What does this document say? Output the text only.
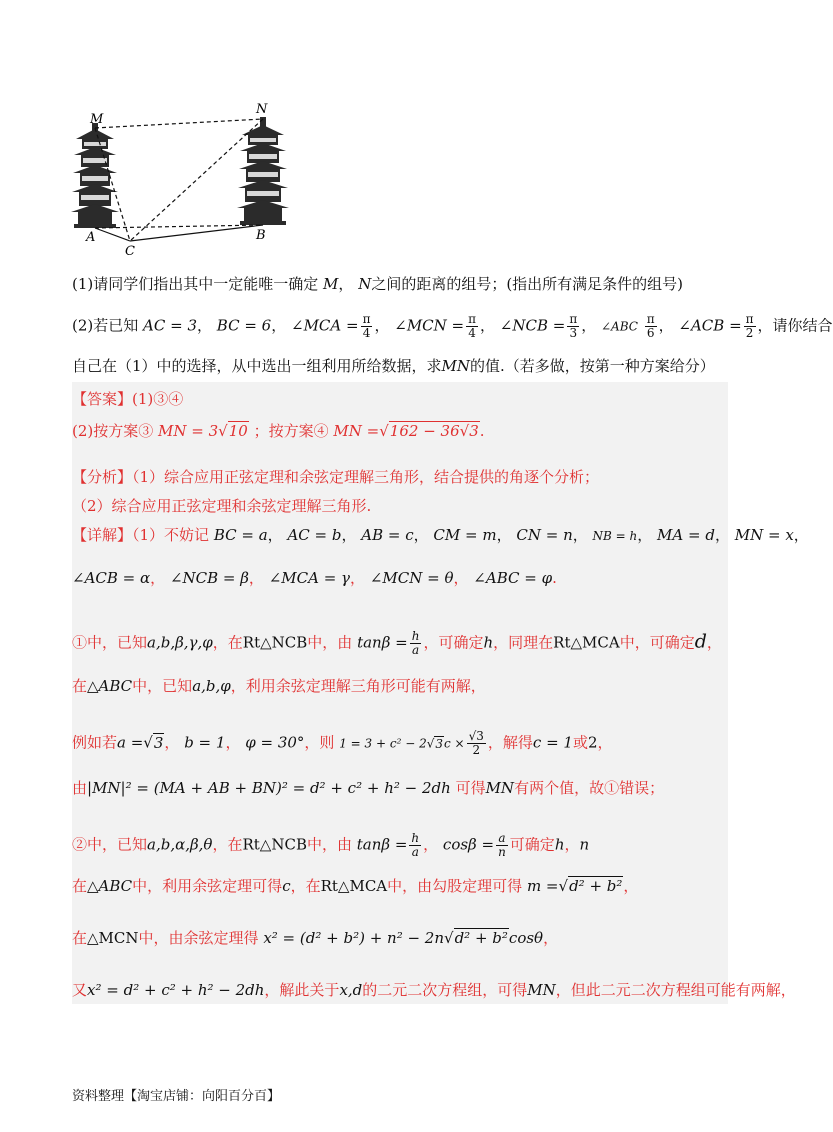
M
N
A
C
B
(1)请同学们指出其中一定能唯一确定 M， N之间的距离的组号；(指出所有满足条件的组号)
(2)若已知 AC = 3， BC = 6， ∠MCA = $\frac{\pi}{4}$ ， ∠MCN = $\frac{\pi}{4}$ ， ∠NCB = $\frac{\pi}{3}$ ， ∠ABC $\frac{\pi}{6}$ ， ∠ACB = $\frac{\pi}{2}$ ，请你结合
自己在（1）中的选择，从中选出一组利用所给数据，求MN的值.（若多做，按第一种方案给分）
【答案】(1)③④
(2)按方案③ MN = 3√10 ；按方案④ MN =√162 − 36√3.
【分析】（1）综合应用正弦定理和余弦定理解三角形，结合提供的角逐个分析；
（2）综合应用正弦定理和余弦定理解三角形.
【详解】（1）不妨记 BC = a， AC = b， AB = c， CM = m， CN = n， NB = h， MA = d， MN = x，
∠ACB = α， ∠NCB = β， ∠MCA = γ， ∠MCN = θ， ∠ABC = φ.
①中，已知a,b,β,γ,φ，在Rt△NCB中，由 $\tan\beta = \frac{h}{a}$ ，可确定h，同理在Rt△MCA中，可确定d，
在△ABC中，已知a,b,φ，利用余弦定理解三角形可能有两解，
例如若a =√3， b = 1， φ = 30°，则 $1 = 3 + c^2 - 2√3c \times \frac{√3}{2}$ ，解得c = 1或2，
由|MN|² = (MA + AB + BN)² = d² + c² + h² − 2dh 可得MN有两个值，故①错误；
②中，已知a,b,α,β,θ，在Rt△NCB中，由 $\tan\beta = \frac{h}{a}$ ， $\cos\beta = \frac{a}{n}$ 可确定h，n
在△ABC中，利用余弦定理可得c，在Rt△MCA中，由勾股定理可得 m =√d² + b²，
在△MCN中，由余弦定理得 x² = (d² + b²) + n² − 2n√d² + b²cosθ，
又x² = d² + c² + h² − 2dh，解此关于x,d的二元二次方程组，可得MN，但此二元二次方程组可能有两解，
资料整理【淘宝店铺：向阳百分百】
